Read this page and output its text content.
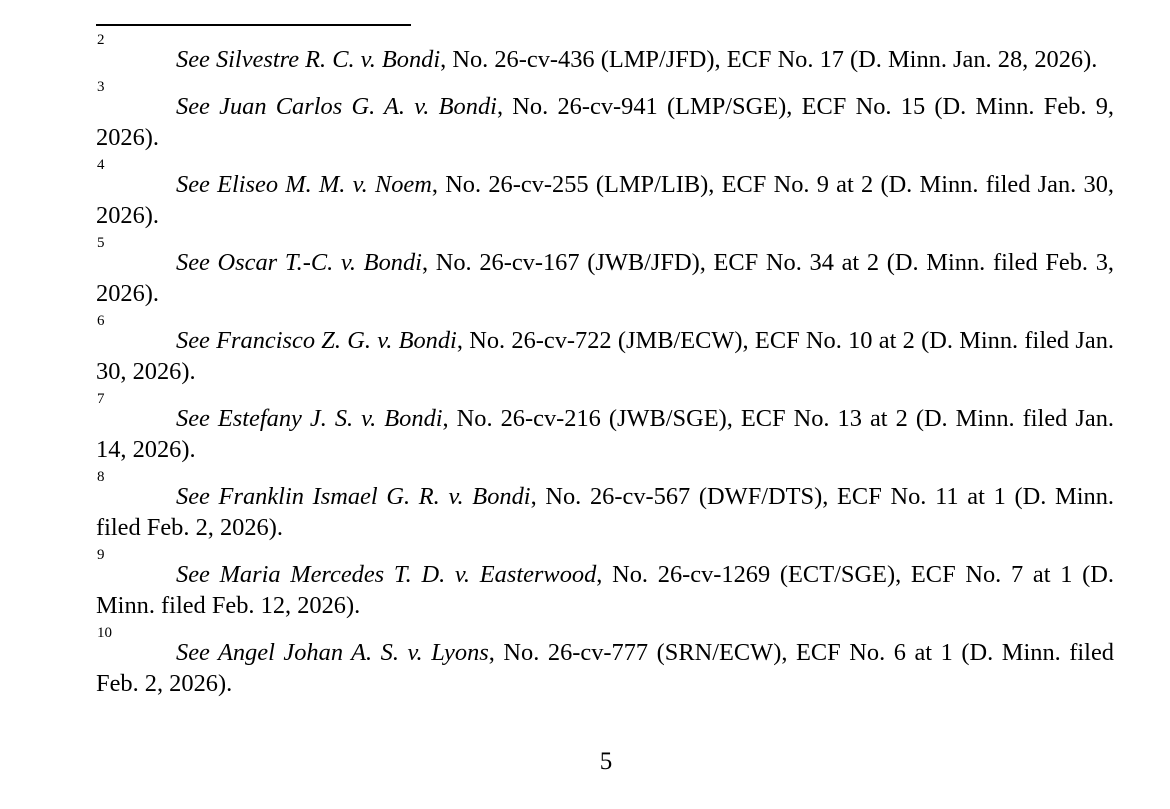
2
See Silvestre R. C. v. Bondi, No. 26-cv-436 (LMP/JFD), ECF No. 17 (D. Minn. Jan. 28, 2026).

3
See Juan Carlos G. A. v. Bondi, No. 26-cv-941 (LMP/SGE), ECF No. 15 (D. Minn. Feb. 9, 2026).

4
See Eliseo M. M. v. Noem, No. 26-cv-255 (LMP/LIB), ECF No. 9 at 2 (D. Minn. filed Jan. 30, 2026).

5
See Oscar T.-C. v. Bondi, No. 26-cv-167 (JWB/JFD), ECF No. 34 at 2 (D. Minn. filed Feb. 3, 2026).

6
See Francisco Z. G. v. Bondi, No. 26-cv-722 (JMB/ECW), ECF No. 10 at 2 (D. Minn. filed Jan. 30, 2026).

7
See Estefany J. S. v. Bondi, No. 26-cv-216 (JWB/SGE), ECF No. 13 at 2 (D. Minn. filed Jan. 14, 2026).

8
See Franklin Ismael G. R. v. Bondi, No. 26-cv-567 (DWF/DTS), ECF No. 11 at 1 (D. Minn. filed Feb. 2, 2026).

9
See Maria Mercedes T. D. v. Easterwood, No. 26-cv-1269 (ECT/SGE), ECF No. 7 at 1 (D. Minn. filed Feb. 12, 2026).

10
See Angel Johan A. S. v. Lyons, No. 26-cv-777 (SRN/ECW), ECF No. 6 at 1 (D. Minn. filed Feb. 2, 2026).

5
